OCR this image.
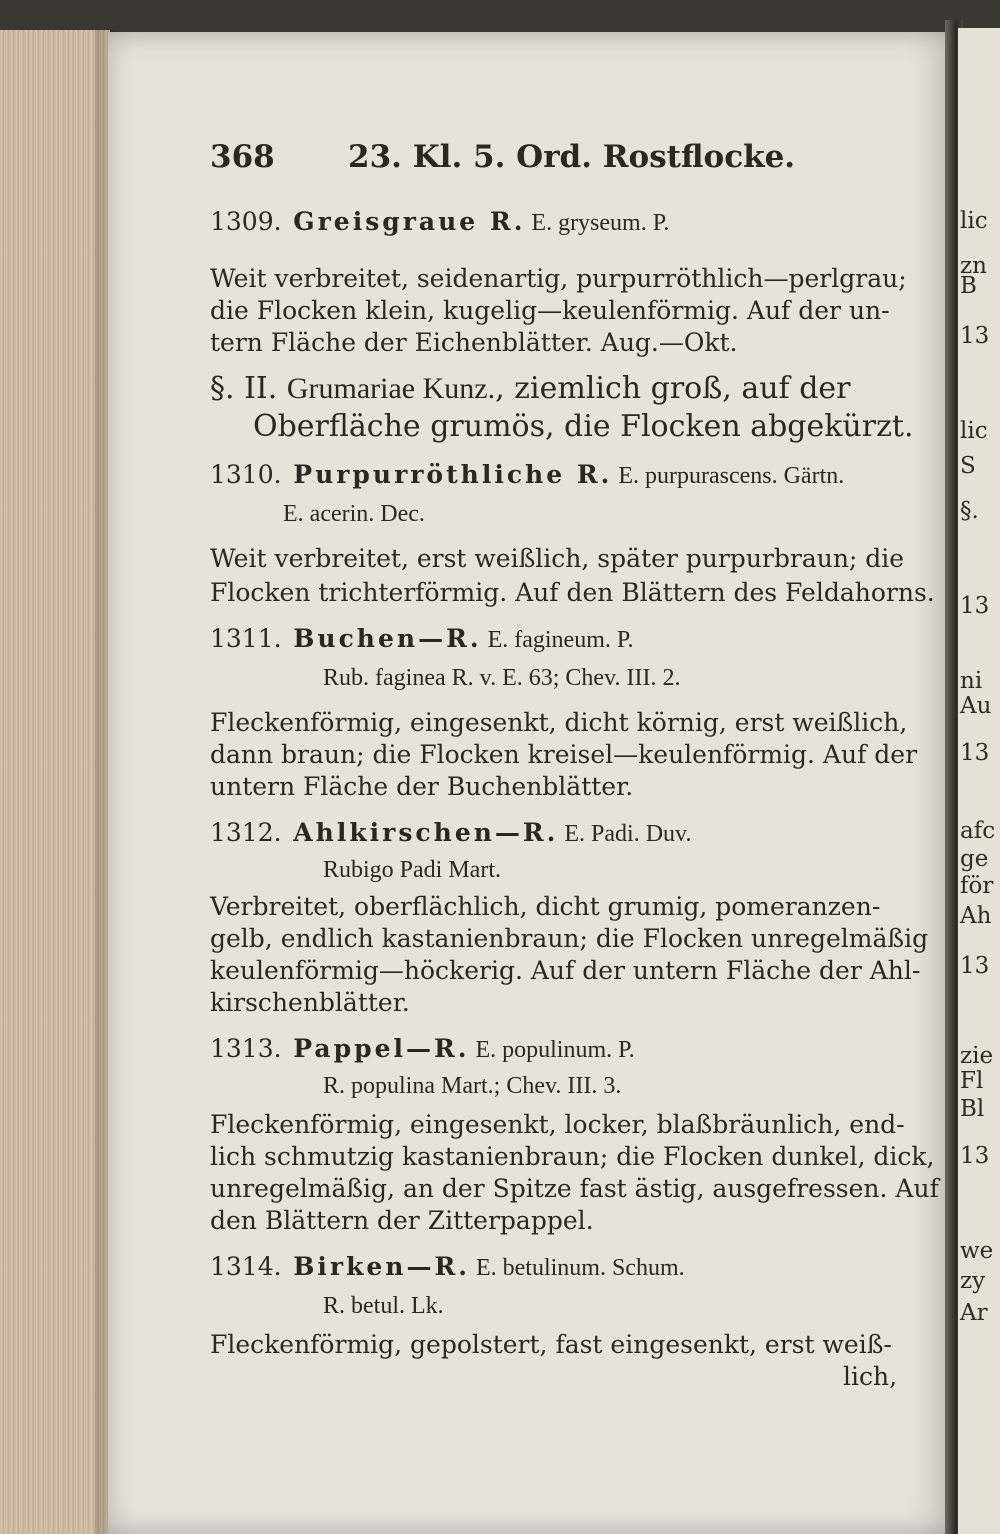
368 23. Kl. 5. Ord. Rostflocke.
1309. Greisgraue R. E. gryseum. P.
Weit verbreitet, seidenartig, purpurröthlich—perlgrau;
die Flocken klein, kugelig—keulenförmig. Auf der un-
tern Fläche der Eichenblätter. Aug.—Okt.
§. II. Grumariae Kunz., ziemlich groß, auf der
Oberfläche grumös, die Flocken abgekürzt.
1310. Purpurröthliche R. E. purpurascens. Gärtn.
E. acerin. Dec.
Weit verbreitet, erst weißlich, später purpurbraun; die
Flocken trichterförmig. Auf den Blättern des Feldahorns.
1311. Buchen—R. E. fagineum. P.
Rub. faginea R. v. E. 63; Chev. III. 2.
Fleckenförmig, eingesenkt, dicht körnig, erst weißlich,
dann braun; die Flocken kreisel—keulenförmig. Auf der
untern Fläche der Buchenblätter.
1312. Ahlkirschen—R. E. Padi. Duv.
Rubigo Padi Mart.
Verbreitet, oberflächlich, dicht grumig, pomeranzen-
gelb, endlich kastanienbraun; die Flocken unregelmäßig
keulenförmig—höckerig. Auf der untern Fläche der Ahl-
kirschenblätter.
1313. Pappel—R. E. populinum. P.
R. populina Mart.; Chev. III. 3.
Fleckenförmig, eingesenkt, locker, blaßbräunlich, end-
lich schmutzig kastanienbraun; die Flocken dunkel, dick,
unregelmäßig, an der Spitze fast ästig, ausgefressen. Auf
den Blättern der Zitterpappel.
1314. Birken—R. E. betulinum. Schum.
R. betul. Lk.
Fleckenförmig, gepolstert, fast eingesenkt, erst weiß-
lich,
lic
zn
B
13
lic
S
§.
13
ni
Au
13
afc
ge
för
Ah
13
zie
Fl
Bl
13
we
zy
Ar
